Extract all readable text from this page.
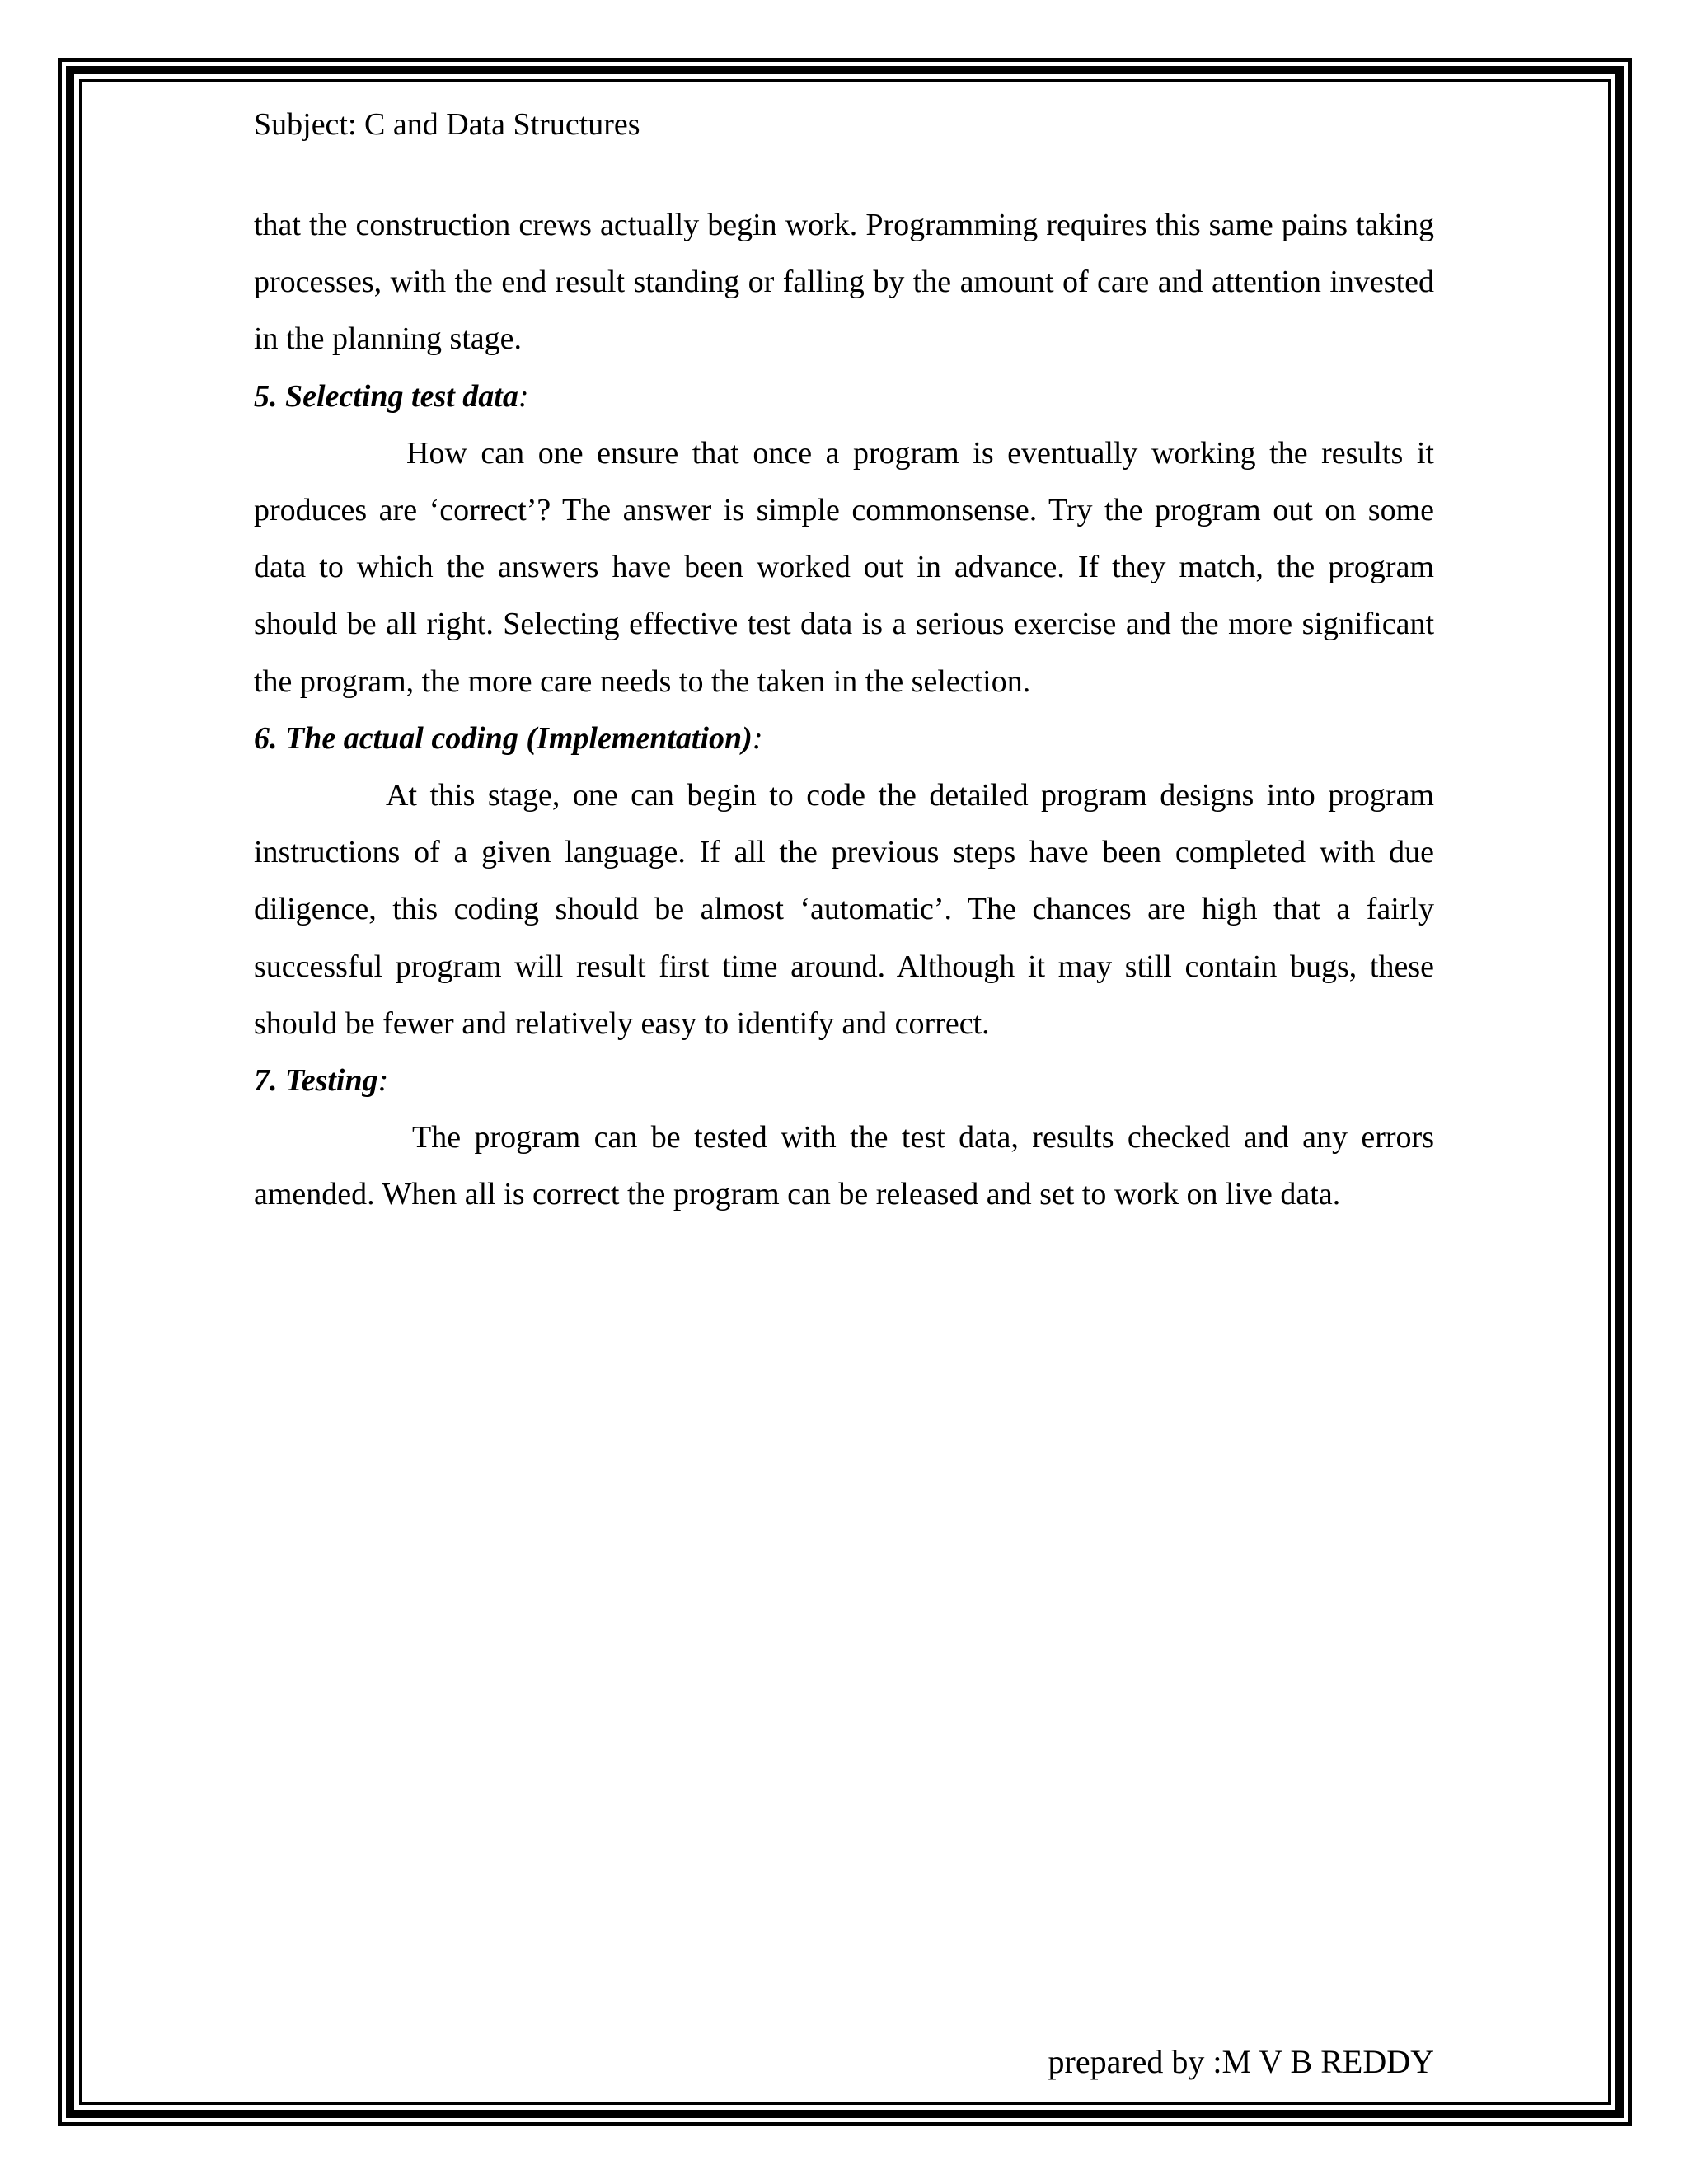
Subject: C and Data Structures

that the construction crews actually begin work. Programming requires this same pains taking processes, with the end result standing or falling by the amount of care and attention invested in the planning stage.

5. Selecting test data:

How can one ensure that once a program is eventually working the results it produces are ‘correct’? The answer is simple commonsense. Try the program out on some data to which the answers have been worked out in advance. If they match, the program should be all right. Selecting effective test data is a serious exercise and the more significant the program, the more care needs to the taken in the selection.

6. The actual coding (Implementation):

At this stage, one can begin to code the detailed program designs into program instructions of a given language. If all the previous steps have been completed with due diligence, this coding should be almost ‘automatic’. The chances are high that a fairly successful program will result first time around. Although it may still contain bugs, these should be fewer and relatively easy to identify and correct.

7. Testing:

The program can be tested with the test data, results checked and any errors amended. When all is correct the program can be released and set to work on live data.

prepared by :M V B REDDY
